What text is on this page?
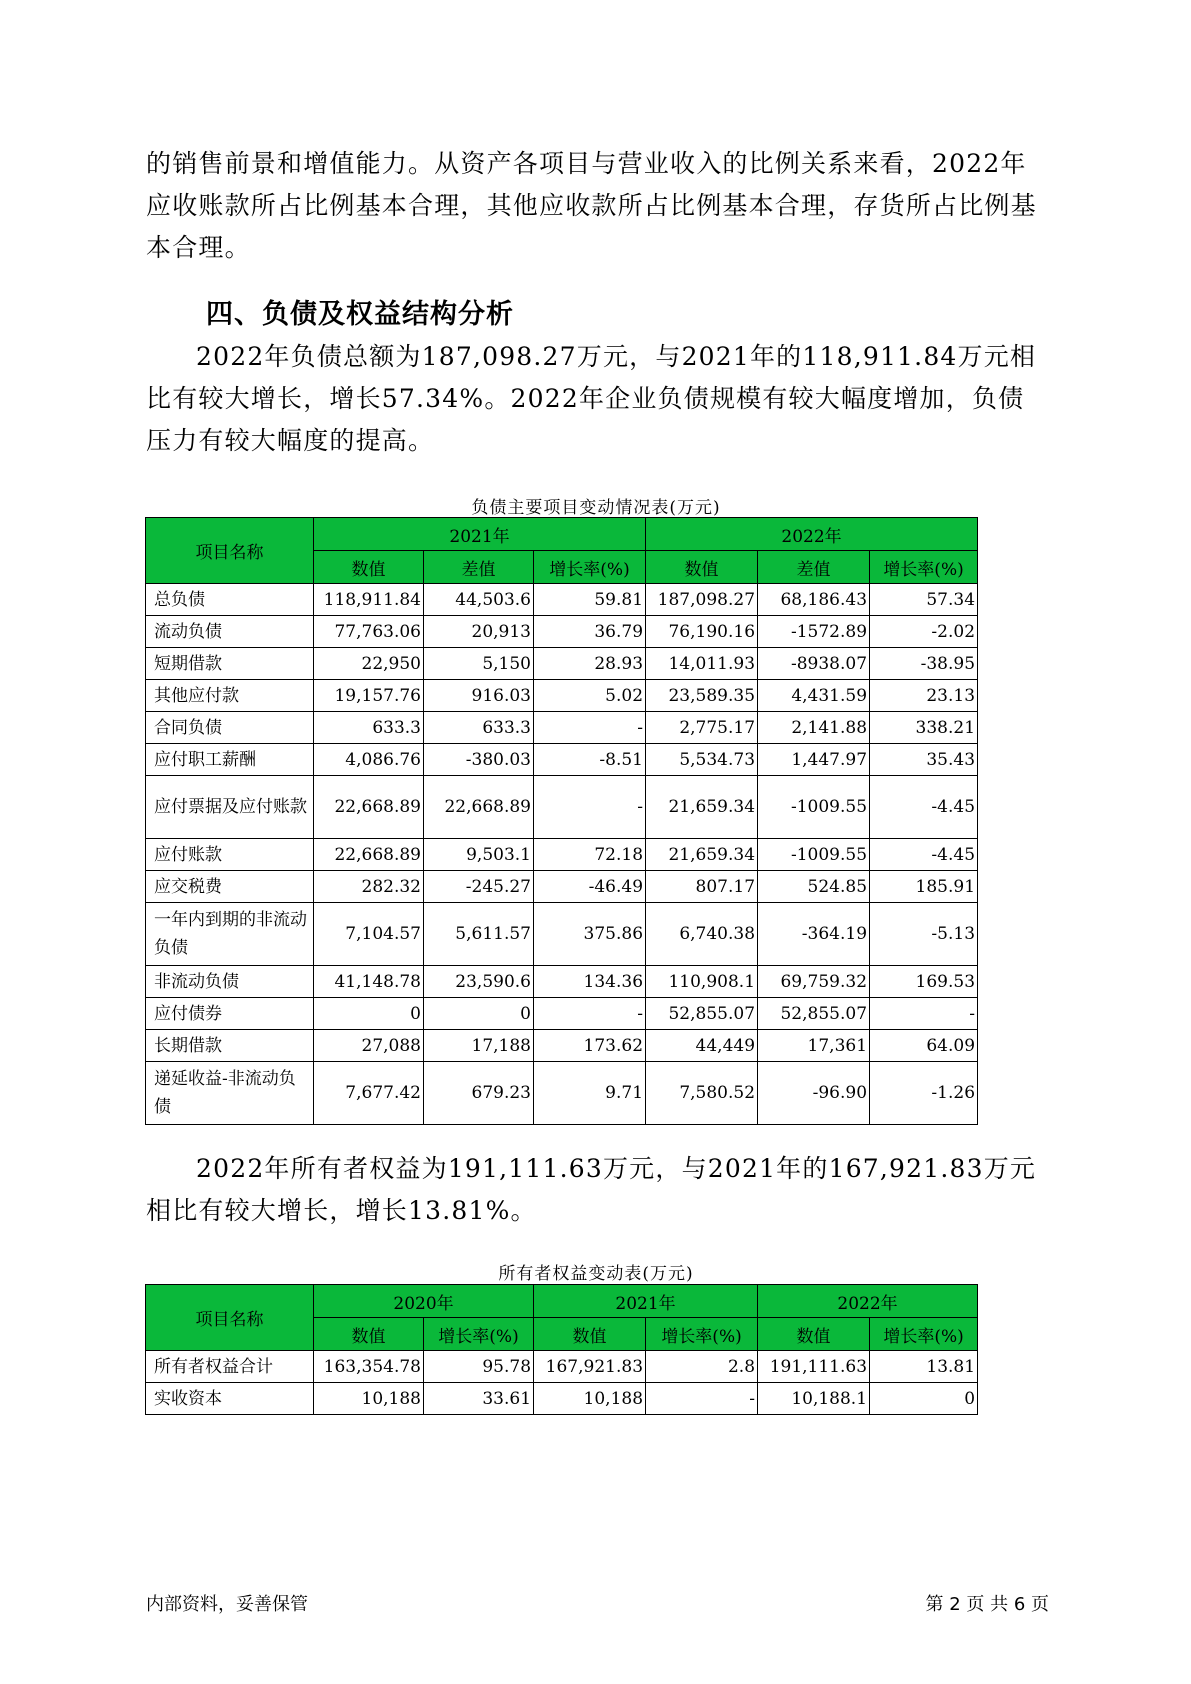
的销售前景和增值能力。从资产各项目与营业收入的比例关系来看，2022年应收账款所占比例基本合理，其他应收款所占比例基本合理，存货所占比例基本合理。

四、负债及权益结构分析

2022年负债总额为187,098.27万元，与2021年的118,911.84万元相比有较大增长，增长57.34%。2022年企业负债规模有较大幅度增加，负债压力有较大幅度的提高。

负债主要项目变动情况表(万元)

项目名称	2021年			2022年		
	数值	差值	增长率(%)	数值	差值	增长率(%)
总负债	118,911.84	44,503.6	59.81	187,098.27	68,186.43	57.34
流动负债	77,763.06	20,913	36.79	76,190.16	-1572.89	-2.02
短期借款	22,950	5,150	28.93	14,011.93	-8938.07	-38.95
其他应付款	19,157.76	916.03	5.02	23,589.35	4,431.59	23.13
合同负债	633.3	633.3	-	2,775.17	2,141.88	338.21
应付职工薪酬	4,086.76	-380.03	-8.51	5,534.73	1,447.97	35.43
应付票据及应付账款	22,668.89	22,668.89	-	21,659.34	-1009.55	-4.45
应付账款	22,668.89	9,503.1	72.18	21,659.34	-1009.55	-4.45
应交税费	282.32	-245.27	-46.49	807.17	524.85	185.91
一年内到期的非流动负债	7,104.57	5,611.57	375.86	6,740.38	-364.19	-5.13
非流动负债	41,148.78	23,590.6	134.36	110,908.1	69,759.32	169.53
应付债券	0	0	-	52,855.07	52,855.07	-
长期借款	27,088	17,188	173.62	44,449	17,361	64.09
递延收益-非流动负债	7,677.42	679.23	9.71	7,580.52	-96.90	-1.26

2022年所有者权益为191,111.63万元，与2021年的167,921.83万元相比有较大增长，增长13.81%。

所有者权益变动表(万元)

项目名称	2020年		2021年		2022年	
	数值	增长率(%)	数值	增长率(%)	数值	增长率(%)
所有者权益合计	163,354.78	95.78	167,921.83	2.8	191,111.63	13.81
实收资本	10,188	33.61	10,188	-	10,188.1	0
内部资料，妥善保管	第 2 页 共 6 页
